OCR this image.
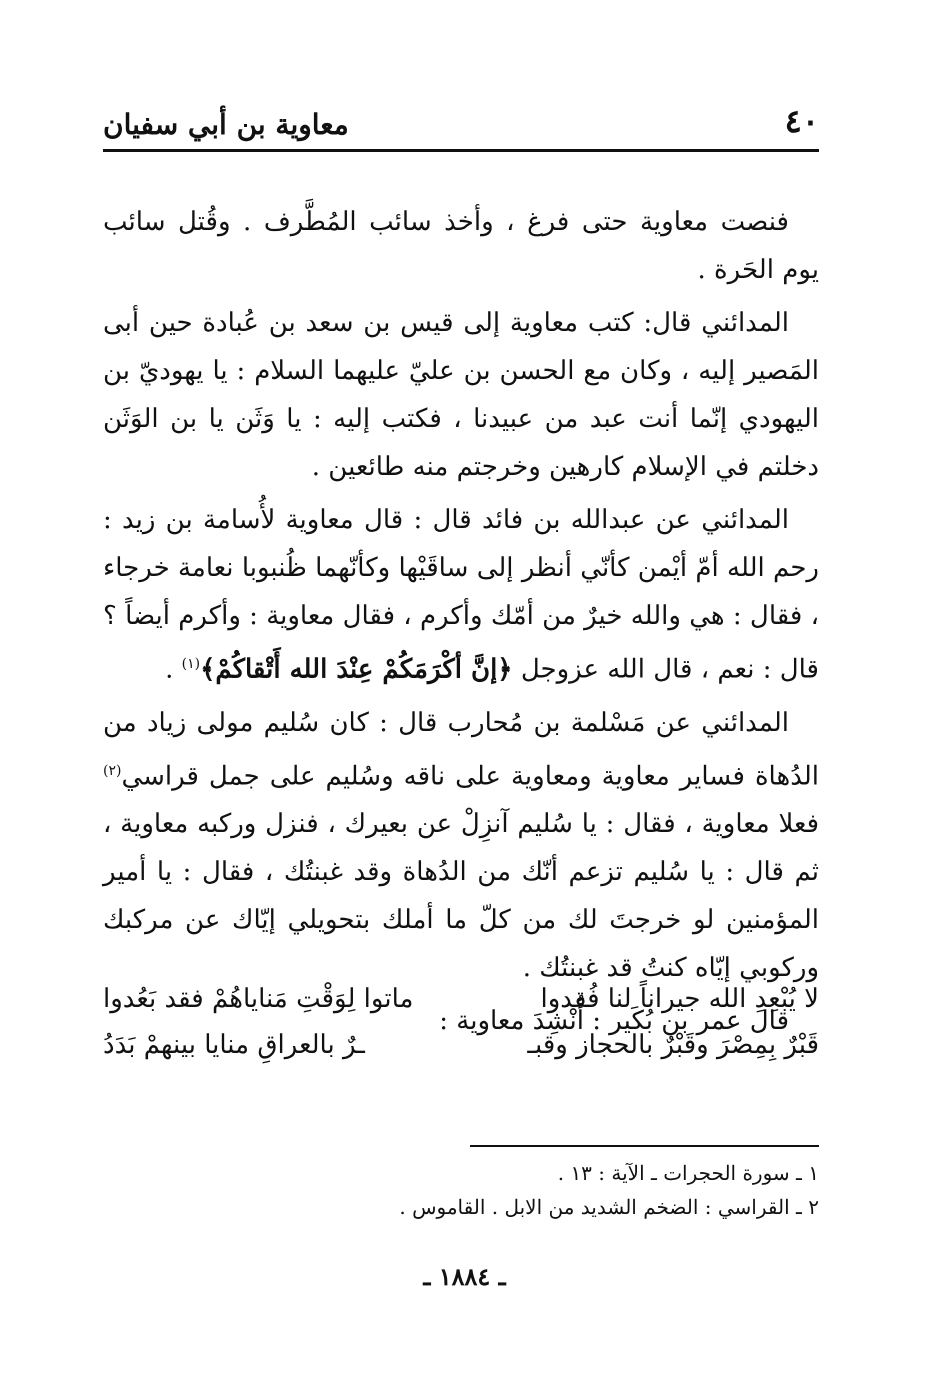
٤٠
معاوية بن أبي سفيان

فنصت معاوية حتى فرغ ، وأخذ سائب المُطَّرف . وقُتل سائب يوم الحَرة .

المدائني قال: كتب معاوية إلى قيس بن سعد بن عُبادة حين أبى المَصير إليه ، وكان مع الحسن بن عليّ عليهما السلام : يا يهوديّ بن اليهودي إنّما أنت عبد من عبيدنا ، فكتب إليه : يا وَثَن يا بن الوَثَن دخلتم في الإسلام كارهين وخرجتم منه طائعين .

المدائني عن عبدالله بن فائد قال : قال معاوية لأُسامة بن زيد : رحم الله أمّ أيْمن كأنّي أنظر إلى ساقَيْها وكأنّهما ظُنبوبا نعامة خرجاء ، فقال : هي والله خيرٌ من أمّك وأكرم ، فقال معاوية : وأكرم أيضاً ؟ قال : نعم ، قال الله عزوجل ﴿إنَّ أكْرَمَكُمْ عِنْدَ الله أَتْقاكُمْ﴾$^{(١)}$ .

المدائني عن مَسْلمة بن مُحارب قال : كان سُليم مولى زياد من الدُهاة فساير معاوية ومعاوية على ناقه وسُليم على جمل قراسي$^{(٢)}$ فعلا معاوية ، فقال : يا سُليم آنزِلْ عن بعيرك ، فنزل وركبه معاوية ، ثم قال : يا سُليم تزعم أنّك من الدُهاة وقد غبنتُك ، فقال : يا أمير المؤمنين لو خرجتَ لك من كلّ ما أملك بتحويلي إيّاك عن مركبك وركوبي إيّاه كنتُ قد غبنتُك .

قال عمر بن بُكَير : أُنْشِدَ معاوية :

لا يُبْعِدِ الله جيراناً لنا فُقدوا
ماتوا لِوَقْتِ مَناياهُمْ فقد بَعُدوا
قَبْرٌ بِمِصْرَ وقَبْرٌ بالحجاز وقبـ
ـرٌ بالعراقِ منايا بينهمْ بَدَدُ
١ ـ سورة الحجرات ـ الآية : ١٣ .
٢ ـ القراسي : الضخم الشديد من الابل . القاموس .
ـ ١٨٨٤ ـ
